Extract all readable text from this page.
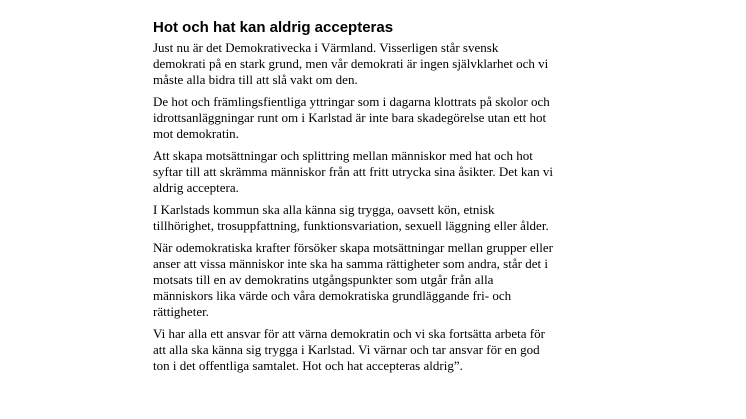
Hot och hat kan aldrig accepteras

Just nu är det Demokrativecka i Värmland. Visserligen står svensk
demokrati på en stark grund, men vår demokrati är ingen självklarhet och vi
måste alla bidra till att slå vakt om den.

De hot och främlingsfientliga yttringar som i dagarna klottrats på skolor och
idrottsanläggningar runt om i Karlstad är inte bara skadegörelse utan ett hot
mot demokratin.

Att skapa motsättningar och splittring mellan människor med hat och hot
syftar till att skrämma människor från att fritt utrycka sina åsikter. Det kan vi
aldrig acceptera.

I Karlstads kommun ska alla känna sig trygga, oavsett kön, etnisk
tillhörighet, trosuppfattning, funktionsvariation, sexuell läggning eller ålder.

När odemokratiska krafter försöker skapa motsättningar mellan grupper eller
anser att vissa människor inte ska ha samma rättigheter som andra, står det i
motsats till en av demokratins utgångspunkter som utgår från alla
människors lika värde och våra demokratiska grundläggande fri- och
rättigheter.

Vi har alla ett ansvar för att värna demokratin och vi ska fortsätta arbeta för
att alla ska känna sig trygga i Karlstad. Vi värnar och tar ansvar för en god
ton i det offentliga samtalet. Hot och hat accepteras aldrig”.
